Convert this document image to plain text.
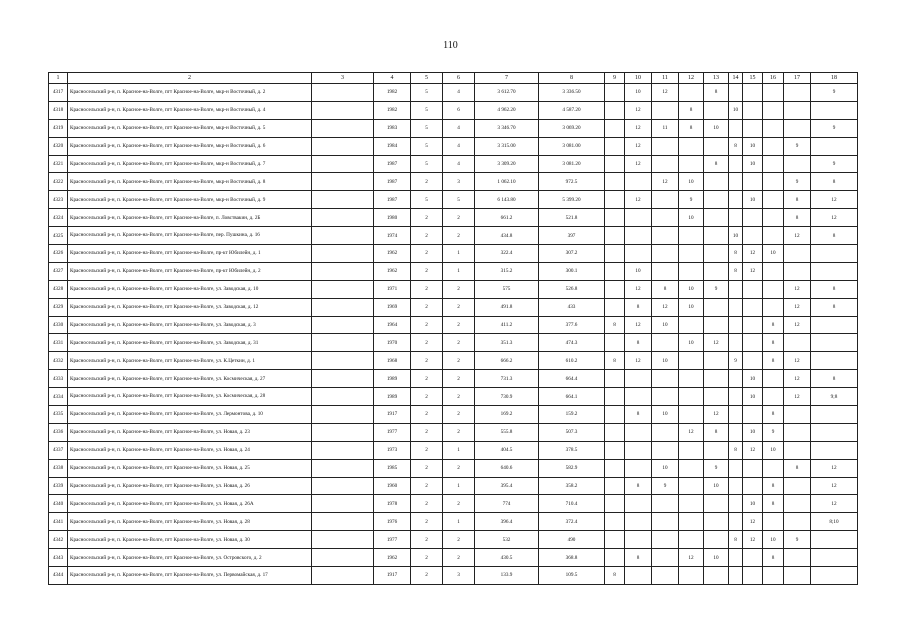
110
1	2	3	4	5	6	7	8	9	10	11	12	13	14	15	16	17	18
4317	Красносельский р-н, п. Красное-на-Волге, пгт Красное-на-Волге, мкр-н Восточный, д. 2		1982	5	4	3 612.70	3 336.50		10	12		8					9
4318	Красносельский р-н, п. Красное-на-Волге, пгт Красное-на-Волге, мкр-н Восточный, д. 4		1982	5	6	4 962.20	4 587.20		12		8		10				
4319	Красносельский р-н, п. Красное-на-Волге, пгт Красное-на-Волге, мкр-н Восточный, д. 5		1983	5	4	3 346.70	3 069.20		12	11	8	10					9
4320	Красносельский р-н, п. Красное-на-Волге, пгт Красное-на-Волге, мкр-н Восточный, д. 6		1984	5	4	3 315.00	3 081.00		12				8	10		9	
4321	Красносельский р-н, п. Красное-на-Волге, пгт Красное-на-Волге, мкр-н Восточный, д. 7		1987	5	4	3 309.20	3 081.20		12			8		10			9
4322	Красносельский р-н, п. Красное-на-Волге, пгт Красное-на-Волге, мкр-н Восточный, д. 8		1987	2	3	1 062.10	972.5			12	10					9	8
4323	Красносельский р-н, п. Красное-на-Волге, пгт Красное-на-Волге, мкр-н Восточный, д. 9		1987	5	5	6 143.80	5 399.20		12		9			10		8	12
4324	Красносельский р-н, п. Красное-на-Волге, пгт Красное-на-Волге, п. Ловствакин, д. 2Б		1980	2	2	661.2	521.8				10					8	12
4325	Красносельский р-н, п. Красное-на-Волге, пгт Красное-на-Волге, пер. Пушкина, д. 16		1974	2	2	434.8	397						10			12	8
4326	Красносельский р-н, п. Красное-на-Волге, пгт Красное-на-Волге, пр-кт Юбилейн, д. 1		1962	2	1	322.4	307.2						8	12	10		
4327	Красносельский р-н, п. Красное-на-Волге, пгт Красное-на-Волге, пр-кт Юбилейн, д. 2		1962	2	1	315.2	300.1		10				8	12			
4328	Красносельский р-н, п. Красное-на-Волге, пгт Красное-на-Волге, ул. Заводская, д. 10		1971	2	2	575	526.8		12	8	10	9				12	8
4329	Красносельский р-н, п. Красное-на-Волге, пгт Красное-на-Волге, ул. Заводская, д. 12		1969	2	2	491.8	433		8	12	10					12	8
4330	Красносельский р-н, п. Красное-на-Волге, пгт Красное-на-Волге, ул. Заводская, д. 3		1964	2	2	411.2	377.6	8	12	10					8	12	
4331	Красносельский р-н, п. Красное-на-Волге, пгт Красное-на-Волге, ул. Заводская, д. 31		1970	2	2	351.3	474.3		8		10	12			8		
4332	Красносельский р-н, п. Красное-на-Волге, пгт Красное-на-Волге, ул. К.Цеткин, д. 1		1968	2	2	666.2	610.2	8	12	10			9		8	12	
4333	Красносельский р-н, п. Красное-на-Волге, пгт Красное-на-Волге, ул. Космическая, д. 27		1989	2	2	731.3	664.4							10		12	8
4334	Красносельский р-н, п. Красное-на-Волге, пгт Красное-на-Волге, ул. Космическая, д. 28		1989	2	2	730.9	664.1							10		12	9;8
4335	Красносельский р-н, п. Красное-на-Волге, пгт Красное-на-Волге, ул. Лермонтова, д. 10		1917	2	2	169.2	159.2		8	10		12			8		
4336	Красносельский р-н, п. Красное-на-Волге, пгт Красное-на-Волге, ул. Новая, д. 23		1977	2	2	555.8	507.3				12	8		10	9		
4337	Красносельский р-н, п. Красное-на-Волге, пгт Красное-на-Волге, ул. Новая, д. 24		1973	2	1	404.5	378.5						8	12	10		
4338	Красносельский р-н, п. Красное-на-Волге, пгт Красное-на-Волге, ул. Новая, д. 25		1985	2	2	640.6	582.9			10		9				8	12
4339	Красносельский р-н, п. Красное-на-Волге, пгт Красное-на-Волге, ул. Новая, д. 26		1960	2	1	395.4	358.2		8	9		10			8		12
4340	Красносельский р-н, п. Красное-на-Волге, пгт Красное-на-Волге, ул. Новая, д. 26А		1978	2	2	774	710.4							10	8		12
4341	Красносельский р-н, п. Красное-на-Волге, пгт Красное-на-Волге, ул. Новая, д. 28		1976	2	1	396.4	372.4							12			8;10
4342	Красносельский р-н, п. Красное-на-Волге, пгт Красное-на-Волге, ул. Новая, д. 30		1977	2	2	532	490						8	12	10	9	
4343	Красносельский р-н, п. Красное-на-Волге, пгт Красное-на-Волге, ул. Островского, д. 2		1962	2	2	430.5	368.8		8		12	10			8		
4344	Красносельский р-н, п. Красное-на-Волге, пгт Красное-на-Волге, ул. Первомайская, д. 17		1917	2	3	133.9	109.5	8									
